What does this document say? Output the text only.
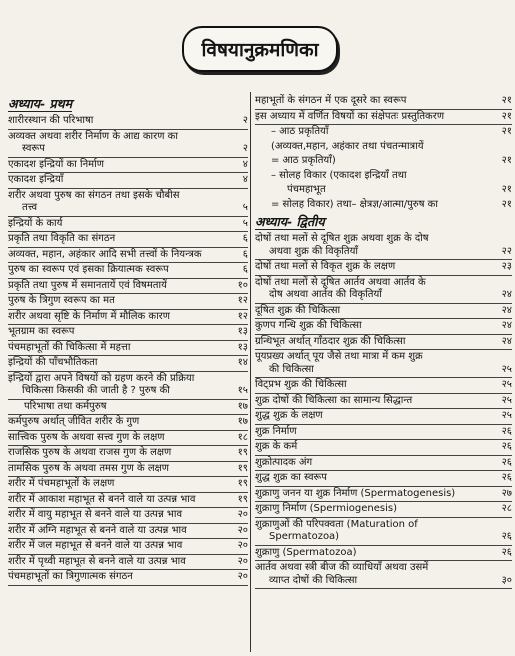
विषयानुक्रमणिका
अध्याय- प्रथम
शारीरस्थान की परिभाषा	२
अव्यक्त अथवा शरीर निर्माण के आद्य कारण का
स्वरूप	२
एकादश इन्द्रियों का निर्माण	४
एकादश इन्द्रियाँ	४
शरीर अथवा पुरुष का संगठन तथा इसके चौबीस
तत्त्व	५
इन्द्रियों के कार्य	५
प्रकृति तथा विकृति का संगठन	६
अव्यक्त, महान, अहंकार आदि सभी तत्त्वों के नियन्त्रक	६
पुरुष का स्वरूप एवं इसका क्रियात्मक स्वरूप	६
प्रकृति तथा पुरुष में समानतायें एवं विषमतायें	१०
पुरुष के त्रिगुण स्वरूप का मत	१२
शरीर अथवा सृष्टि के निर्माण में मौलिक कारण	१२
भूतग्राम का स्वरूप	१३
पंचमहाभूतों की चिकित्सा में महत्ता	१३
इन्द्रियों की पाँचभौतिकता	१४
इन्द्रियों द्वारा अपने विषयों को ग्रहण करने की प्रक्रिया
चिकित्सा किसकी की जाती है ? पुरुष की	१५
परिभाषा तथा कर्मपुरुष	१७
कर्मपुरुष अर्थात् जीवित शरीर के गुण	१७
सात्त्विक पुरुष के अथवा सत्त्व गुण के लक्षण	१८
राजसिक पुरुष के अथवा राजस गुण के लक्षण	१९
तामसिक पुरुष के अथवा तमस गुण के लक्षण	१९
शरीर में पंचमहाभूतों के लक्षण	१९
शरीर में आकाश महाभूत से बनने वाले या उत्पन्न भाव	१९
शरीर में वायु महाभूत से बनने वाले या उत्पन्न भाव	२०
शरीर में अग्नि महाभूत से बनने वाले या उत्पन्न भाव	२०
शरीर में जल महाभूत से बनने वाले या उत्पन्न भाव	२०
शरीर में पृथ्वी महाभूत से बनने वाले या उत्पन्न भाव	२०
पंचमहाभूतों का त्रिगुणात्मक संगठन	२०
महाभूतों के संगठन में एक दूसरे का स्वरूप	२१
इस अध्याय में वर्णित विषयों का संक्षेपतः प्रस्तुतिकरण	२१
– आठ प्रकृतियाँ	२१
(अव्यक्त,महान, अहंकार तथा पंचतन्मात्रायें
= आठ प्रकृतियाँ)	२१
– सोलह विकार (एकादश इन्द्रियाँ तथा
पंचमहाभूत	२१
= सोलह विकार) तथा– क्षेत्रज्ञ/आत्मा/पुरुष का	२१
अध्याय- द्वितीय
दोषों तथा मलों से दूषित शुक्र अथवा शुक्र के दोष
अथवा शुक्र की विकृतियाँ	२२
दोषों तथा मलों से विकृत शुक्र के लक्षण	२३
दोषों तथा मलों से दूषित आर्तव अथवा आर्तव के
दोष अथवा आर्तव की विकृतियाँ	२४
दूषित शुक्र की चिकित्सा	२४
कुणप गन्धि शुक्र की चिकित्सा	२४
ग्रन्थिभूत अर्थात् गाँठदार शुक्र की चिकित्सा	२४
पूयप्रख्य अर्थात् पूय जैसे तथा मात्रा में कम शुक्र
की चिकित्सा	२५
विट्प्रभ शुक्र की चिकित्सा	२५
शुक्र दोषों की चिकित्सा का सामान्य सिद्धान्त	२५
शुद्ध शुक्र के लक्षण	२५
शुक्र निर्माण	२६
शुक्र के कर्म	२६
शुक्रोत्पादक अंग	२६
शुद्ध शुक्र का स्वरूप	२६
शुक्राणु जनन या शुक्र निर्माण (Spermatogenesis)	२७
शुक्राणु निर्माण (Spermiogenesis)	२८
शुक्राणुओं की परिपक्वता (Maturation of
Spermatozoa)	२६
शुक्राणु (Spermatozoa)	२६
आर्तव अथवा स्त्री बीज की व्याधियाँ अथवा उसमें
व्याप्त दोषों की चिकित्सा	३०
